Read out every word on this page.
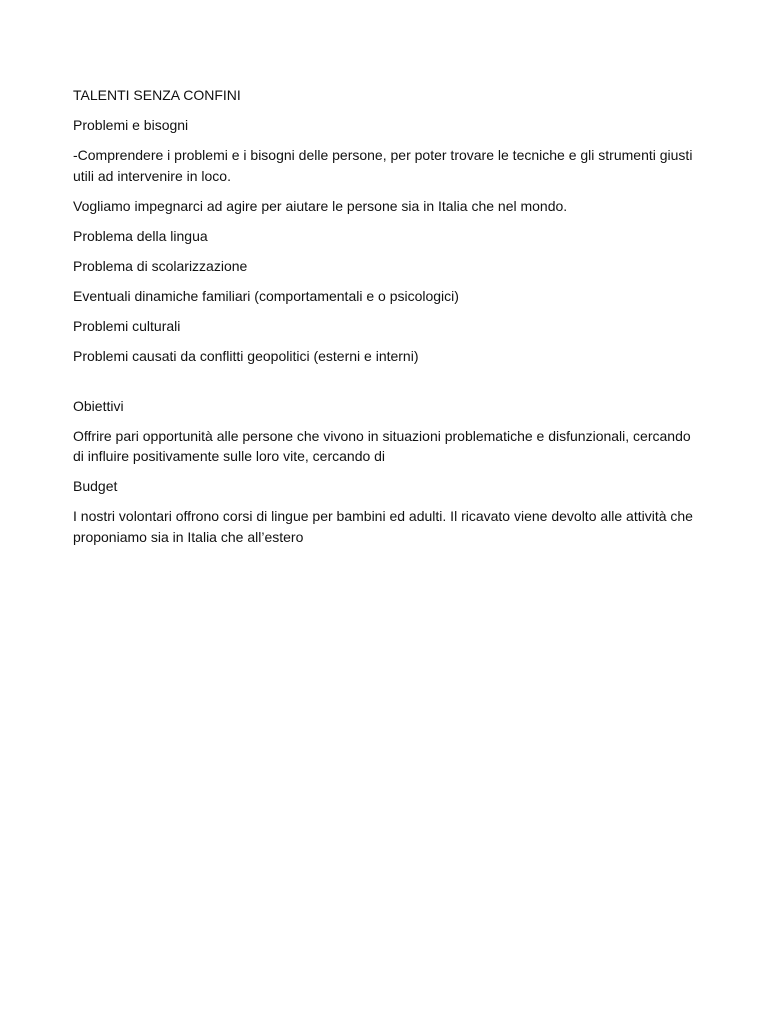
TALENTI SENZA CONFINI

Problemi e bisogni

-Comprendere i problemi e i bisogni delle persone, per poter trovare le tecniche e gli strumenti giusti utili ad intervenire in loco.

Vogliamo impegnarci ad agire per aiutare le persone sia in Italia che nel mondo.

Problema della lingua

Problema di scolarizzazione

Eventuali dinamiche familiari (comportamentali e o psicologici)

Problemi culturali

Problemi causati da conflitti geopolitici (esterni e interni)

Obiettivi

Offrire pari opportunità alle persone che vivono in situazioni problematiche e disfunzionali, cercando di influire positivamente sulle loro vite, cercando di

Budget

I nostri volontari offrono corsi di lingue per bambini ed adulti. Il ricavato viene devolto alle attività che proponiamo sia in Italia che all’estero
